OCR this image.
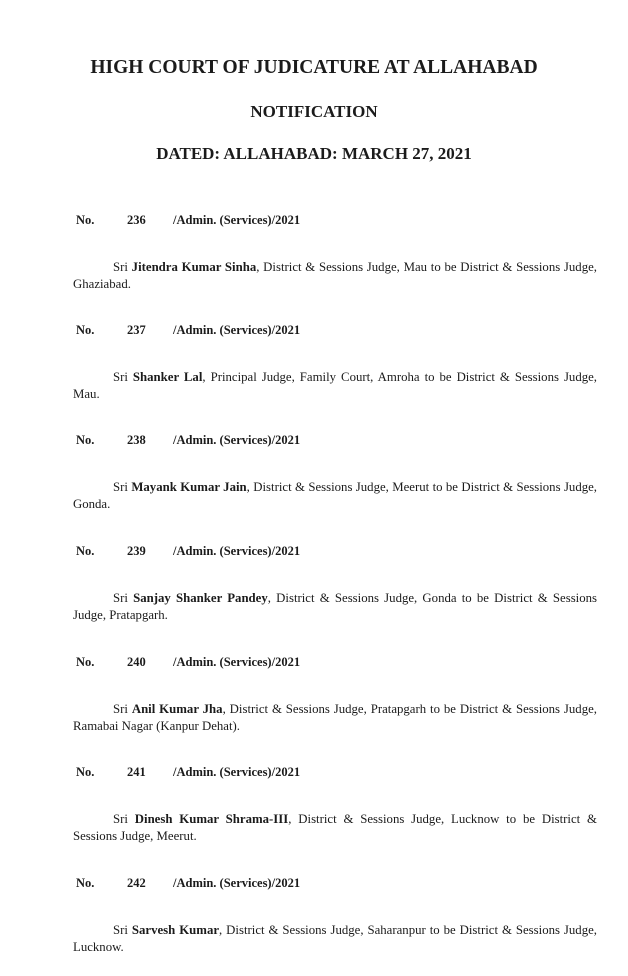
HIGH COURT OF JUDICATURE AT ALLAHABAD
NOTIFICATION
DATED: ALLAHABAD: MARCH 27, 2021
No.	236 /Admin. (Services)/2021
Sri Jitendra Kumar Sinha, District & Sessions Judge, Mau to be District & Sessions Judge, Ghaziabad.
No.	237 /Admin. (Services)/2021
Sri Shanker Lal, Principal Judge, Family Court, Amroha to be District & Sessions Judge, Mau.
No.	238 /Admin. (Services)/2021
Sri Mayank Kumar Jain, District & Sessions Judge, Meerut to be District & Sessions Judge, Gonda.
No.	239 /Admin. (Services)/2021
Sri Sanjay Shanker Pandey, District & Sessions Judge, Gonda to be District & Sessions Judge, Pratapgarh.
No.	240 /Admin. (Services)/2021
Sri Anil Kumar Jha, District & Sessions Judge, Pratapgarh to be District & Sessions Judge, Ramabai Nagar (Kanpur Dehat).
No.	241 /Admin. (Services)/2021
Sri Dinesh Kumar Shrama-III, District & Sessions Judge, Lucknow to be District & Sessions Judge, Meerut.
No.	242 /Admin. (Services)/2021
Sri Sarvesh Kumar, District & Sessions Judge, Saharanpur to be District & Sessions Judge, Lucknow.
